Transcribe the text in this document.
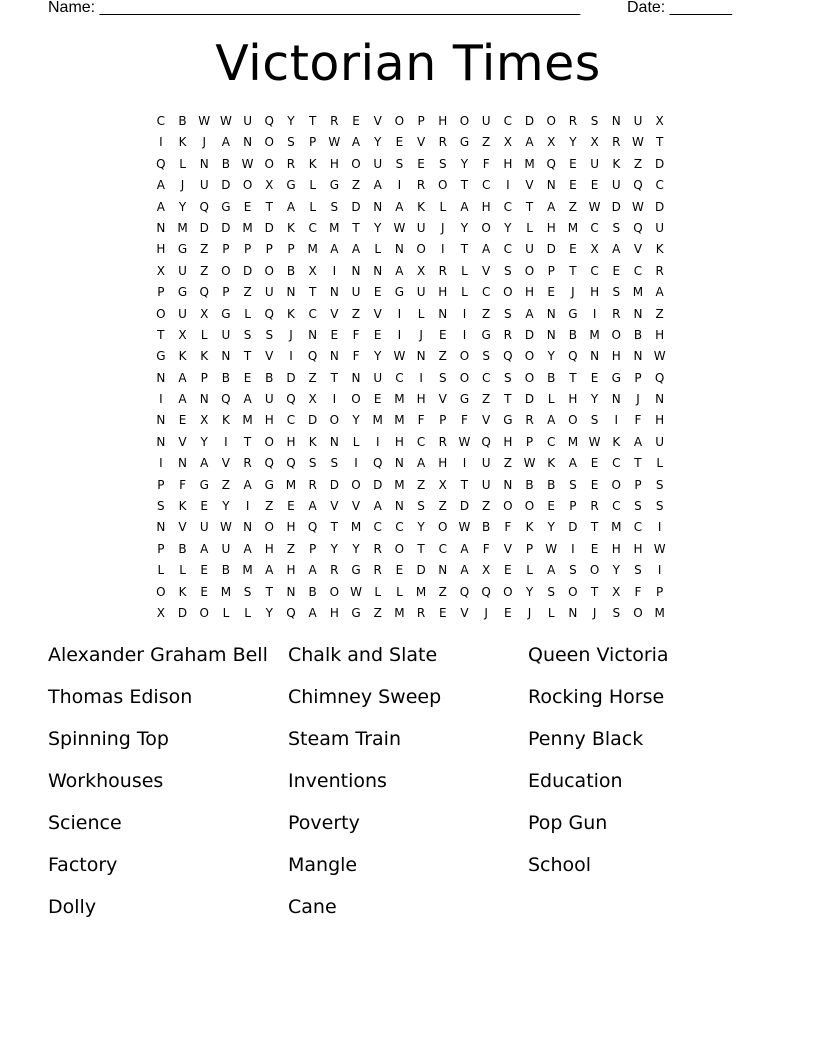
Name: ______________________________________________________	Date: _______
Victorian Times
C	B W W U	Q	Y	T	R	E	V	O	P	H	O	U	C	D	O	R	S	N	U	X
I	K	J	A	N	O	S	P	W A	Y	E	V	R	G	Z	X	A	X	Y	X	R W	T
Q	L	N	B W O	R	K	H	O	U	S	E	S	Y	F	H M Q	E	U	K	Z	D
A	J	U	D	O	X	G	L	G	Z	A	I	R	O	T	C	I	V	N	E	E	U	Q	C
A	Y	Q	G	E	T	A	L	S	D	N	A	K	L	A	H	C	T	A	Z W D W D
N	M D	D M D	K	C	M	T	Y	W U	J	Y	O	Y	L	H M	C	S	Q	U
H	G	Z	P	P	P	P	M	A	A	L	N	O	I	T	A	C	U	D	E	X	A	V	K
X	U	Z	O	D	O	B	X	I	N	N	A	X	R	L	V	S	O	P	T	C	E	C	R
P	G	Q	P	Z	U	N	T	N	U	E	G	U	H	L	C	O	H	E	J	H	S	M	A
O	U	X	G	L	Q	K	C	V	Z	V	I	L	N	I	Z	S	A	N	G	I	R	N	Z
T	X	L	U	S	S	J	N	E	F	E	I	J	E	I	G	R	D	N	B	M O	B	H
G	K	K	N	T	V	I	Q	N	F	Y	W N	Z	O	S	Q	O	Y	Q	N	H	N W
N	A	P	B	E	B	D	Z	T	N	U	C	I	S	O	C	S	O	B	T	E	G	P	Q
I	A	N	Q	A	U	Q	X	I	O	E	M	H	V	G	Z	T	D	L	H	Y	N	J	N
N	E	X	K	M	H	C	D	O	Y	M M	F	P	F	V	G	R	A	O	S	I	F	H
N	V	Y	I	T	O	H	K	N	L	I	H	C	R W Q	H	P	C	M W K	A	U
I	N	A	V	R	Q	Q	S	S	I	Q	N	A	H	I	U	Z W K	A	E	C	T	L
P	F	G	Z	A	G M	R	D	O	D M	Z	X	T	U	N	B	B	S	E	O	P	S
S	K	E	Y	I	Z	E	A	V	V	A	N	S	Z	D	Z	O	O	E	P	R	C	S	S
N	V	U W N	O	H	Q	T	M	C	C	Y	O W B	F	K	Y	D	T	M	C	I
P	B	A	U	A	H	Z	P	Y	Y	R	O	T	C	A	F	V	P	W	I	E	H	H W
L	L	E	B	M	A	H	A	R	G	R	E	D	N	A	X	E	L	A	S	O	Y	S	I
O	K	E	M	S	T	N	B	O W	L	L	M	Z	Q	Q	O	Y	S	O	T	X	F	P
X	D	O	L	L	Y	Q	A	H	G	Z	M	R	E	V	J	E	J	L	N	J	S	O M
Alexander Graham Bell	Chalk and Slate	Queen Victoria
Thomas Edison	Chimney Sweep	Rocking Horse
Spinning Top	Steam Train	Penny Black
Workhouses	Inventions	Education
Science	Poverty	Pop Gun
Factory	Mangle	School
Dolly	Cane
